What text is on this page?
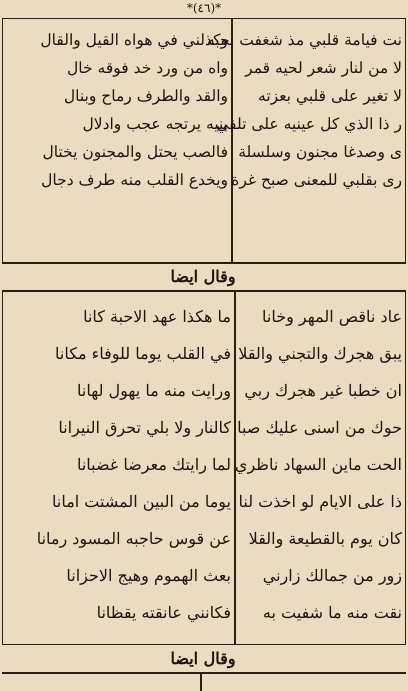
*(٤٦)*
نت فيامة قلبي مذ شغفت بحبه
لا من لنار شعر لحيه قمر
لا تغير على قلبي بعزته
ر ذا الذي كل عينيه على تلفي
ى وصدغا مجنون وسلسلة
رى بقلبي للمعنى صبح غرة
وكذلني في هواه القيل والقال
واه من ورد خد فوقه خال
والقد والطرف رماح وبنال
بنيه يرتجه عجب وادلال
فالصب يحتل والمجنون يختال
ويخدع القلب منه طرف دجال
وقال ايضا
عاد ناقص المهر وخانا
يبق هجرك والتجني والقلا
ان خطبا غير هجرك ربي
حوك من اسنى عليك صبا
الحت ماين السهاد ناظري
ذا على الايام لو اخذت لنا
كان يوم بالقطيعة والقلا
زور من جمالك زارني
نقت منه ما شفيت به
ما هكذا عهد الاحبة كانا
في القلب يوما للوفاء مكانا
ورايت منه ما يهول لهانا
كالنار ولا بلي تحرق النيرانا
لما رايتك معرضا غضبانا
يوما من البين المشتت امانا
عن قوس حاجبه المسود رمانا
بعث الهموم وهيج الاحزانا
فكانني عانقته يقظانا
وقال ايضا
